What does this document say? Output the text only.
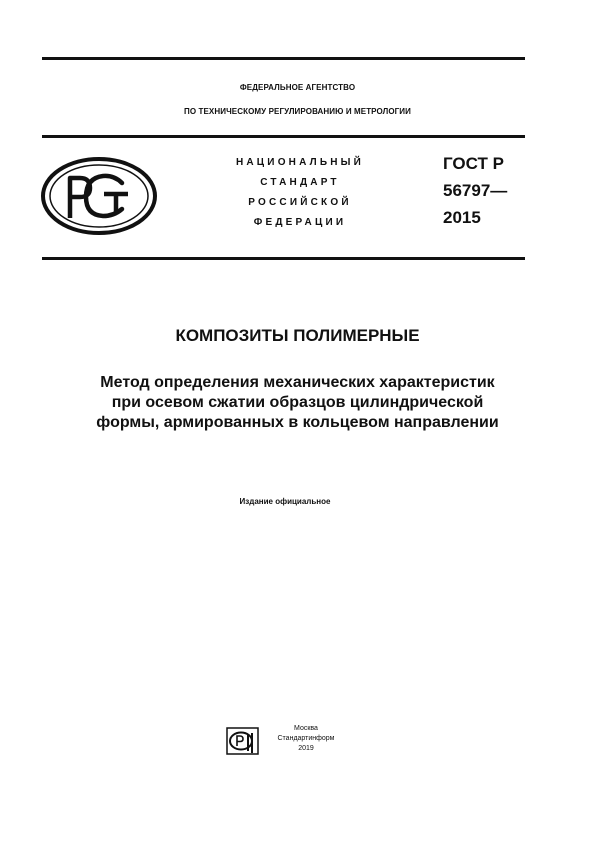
ФЕДЕРАЛЬНОЕ АГЕНТСТВО
ПО ТЕХНИЧЕСКОМУ РЕГУЛИРОВАНИЮ И МЕТРОЛОГИИ
НАЦИОНАЛЬНЫЙ
СТАНДАРТ
РОССИЙСКОЙ
ФЕДЕРАЦИИ
ГОСТ Р
56797—
2015
КОМПОЗИТЫ ПОЛИМЕРНЫЕ
Метод определения механических характеристик
при осевом сжатии образцов цилиндрической
формы, армированных в кольцевом направлении
Издание официальное
Москва
Стандартинформ
2019
